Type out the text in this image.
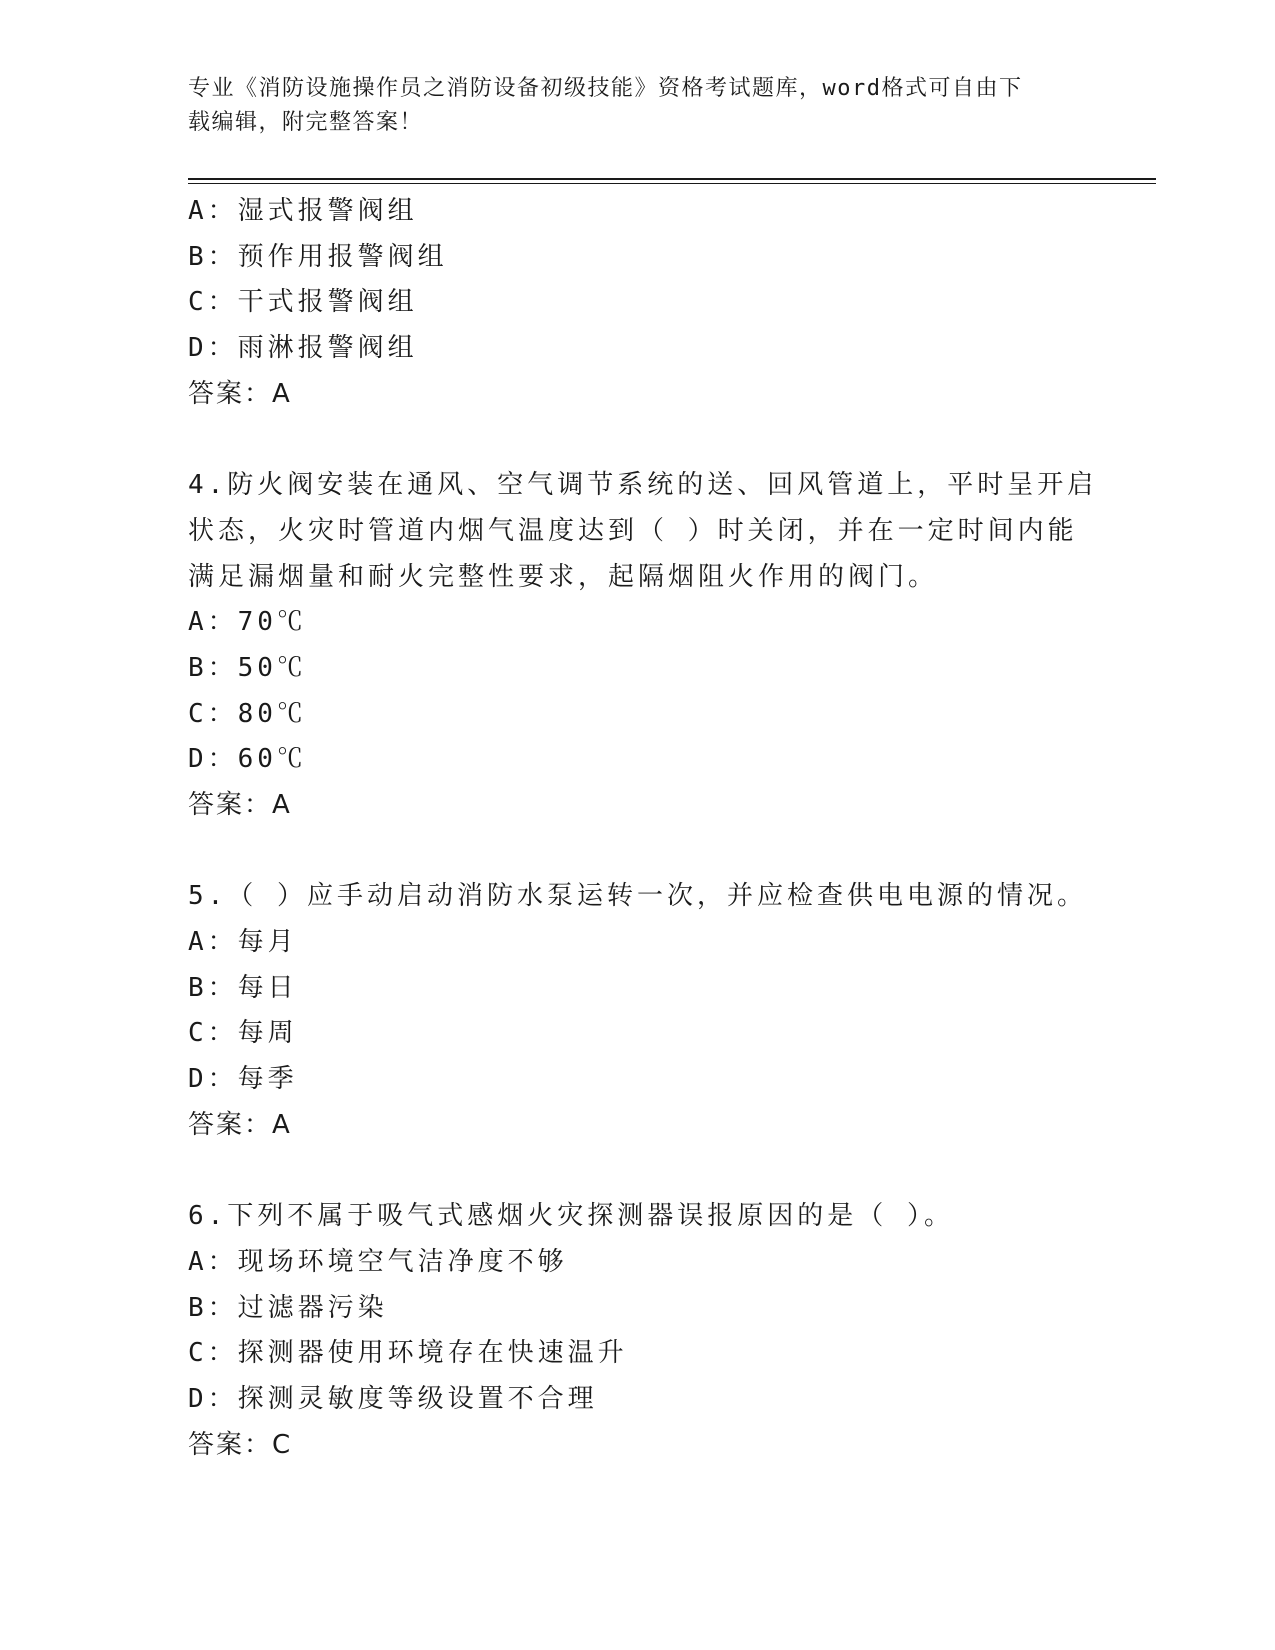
专业《消防设施操作员之消防设备初级技能》资格考试题库，word格式可自由下
载编辑，附完整答案！
A：湿式报警阀组
B：预作用报警阀组
C：干式报警阀组
D：雨淋报警阀组
答案：A
4.防火阀安装在通风、空气调节系统的送、回风管道上，平时呈开启
状态，火灾时管道内烟气温度达到（ ）时关闭，并在一定时间内能
满足漏烟量和耐火完整性要求，起隔烟阻火作用的阀门。
A：70℃
B：50℃
C：80℃
D：60℃
答案：A
5.（ ）应手动启动消防水泵运转一次，并应检查供电电源的情况。
A：每月
B：每日
C：每周
D：每季
答案：A
6.下列不属于吸气式感烟火灾探测器误报原因的是（ ）。
A：现场环境空气洁净度不够
B：过滤器污染
C：探测器使用环境存在快速温升
D：探测灵敏度等级设置不合理
答案：C
